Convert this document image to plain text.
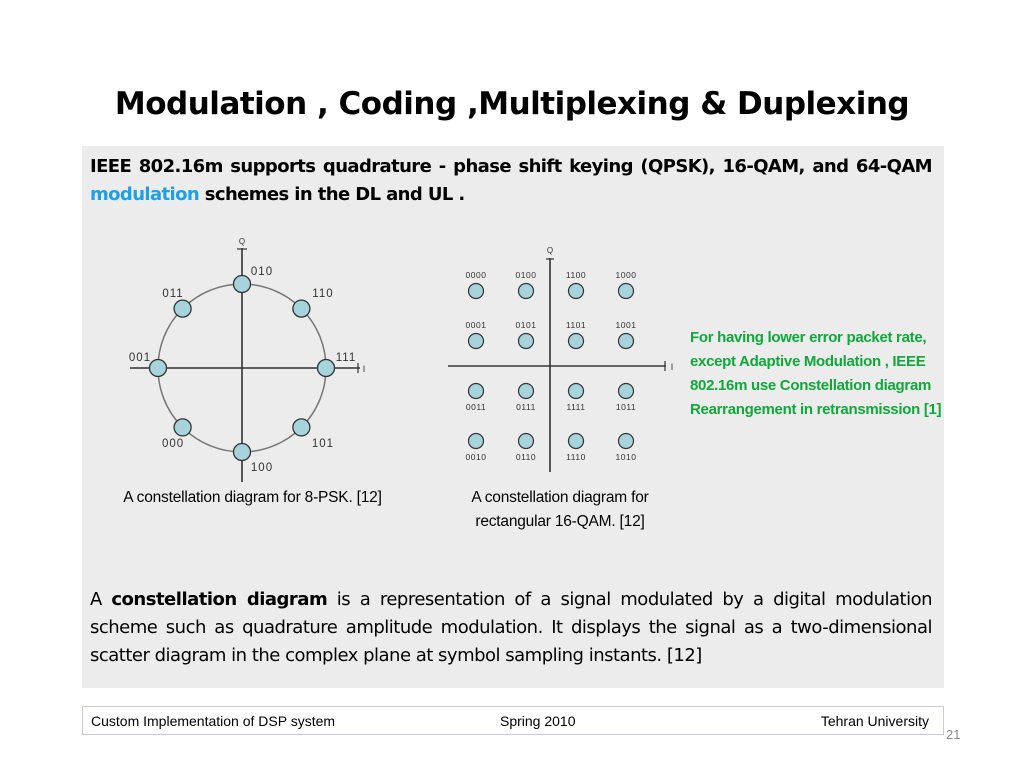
Modulation , Coding ,Multiplexing & Duplexing
IEEE 802.16m supports quadrature - phase shift keying (QPSK), 16-QAM, and 64-QAM modulation schemes in the DL and UL .
Q
I
010
110
111
101
100
000
001
011
Q
I
0000	0100	1100	1000
0001	0101	1101	1001
0011	0111	1111	1011
0010	0110	1110	1010
A constellation diagram for 8-PSK. [12]	A constellation diagram for
rectangular 16-QAM. [12]
For having lower error packet rate, except Adaptive Modulation , IEEE 802.16m use Constellation diagram Rearrangement in retransmission [1]
A constellation diagram is a representation of a signal modulated by a digital modulation scheme such as quadrature amplitude modulation. It displays the signal as a two-dimensional scatter diagram in the complex plane at symbol sampling instants. [12]
Custom Implementation of DSP system	Spring 2010	Tehran University
21
